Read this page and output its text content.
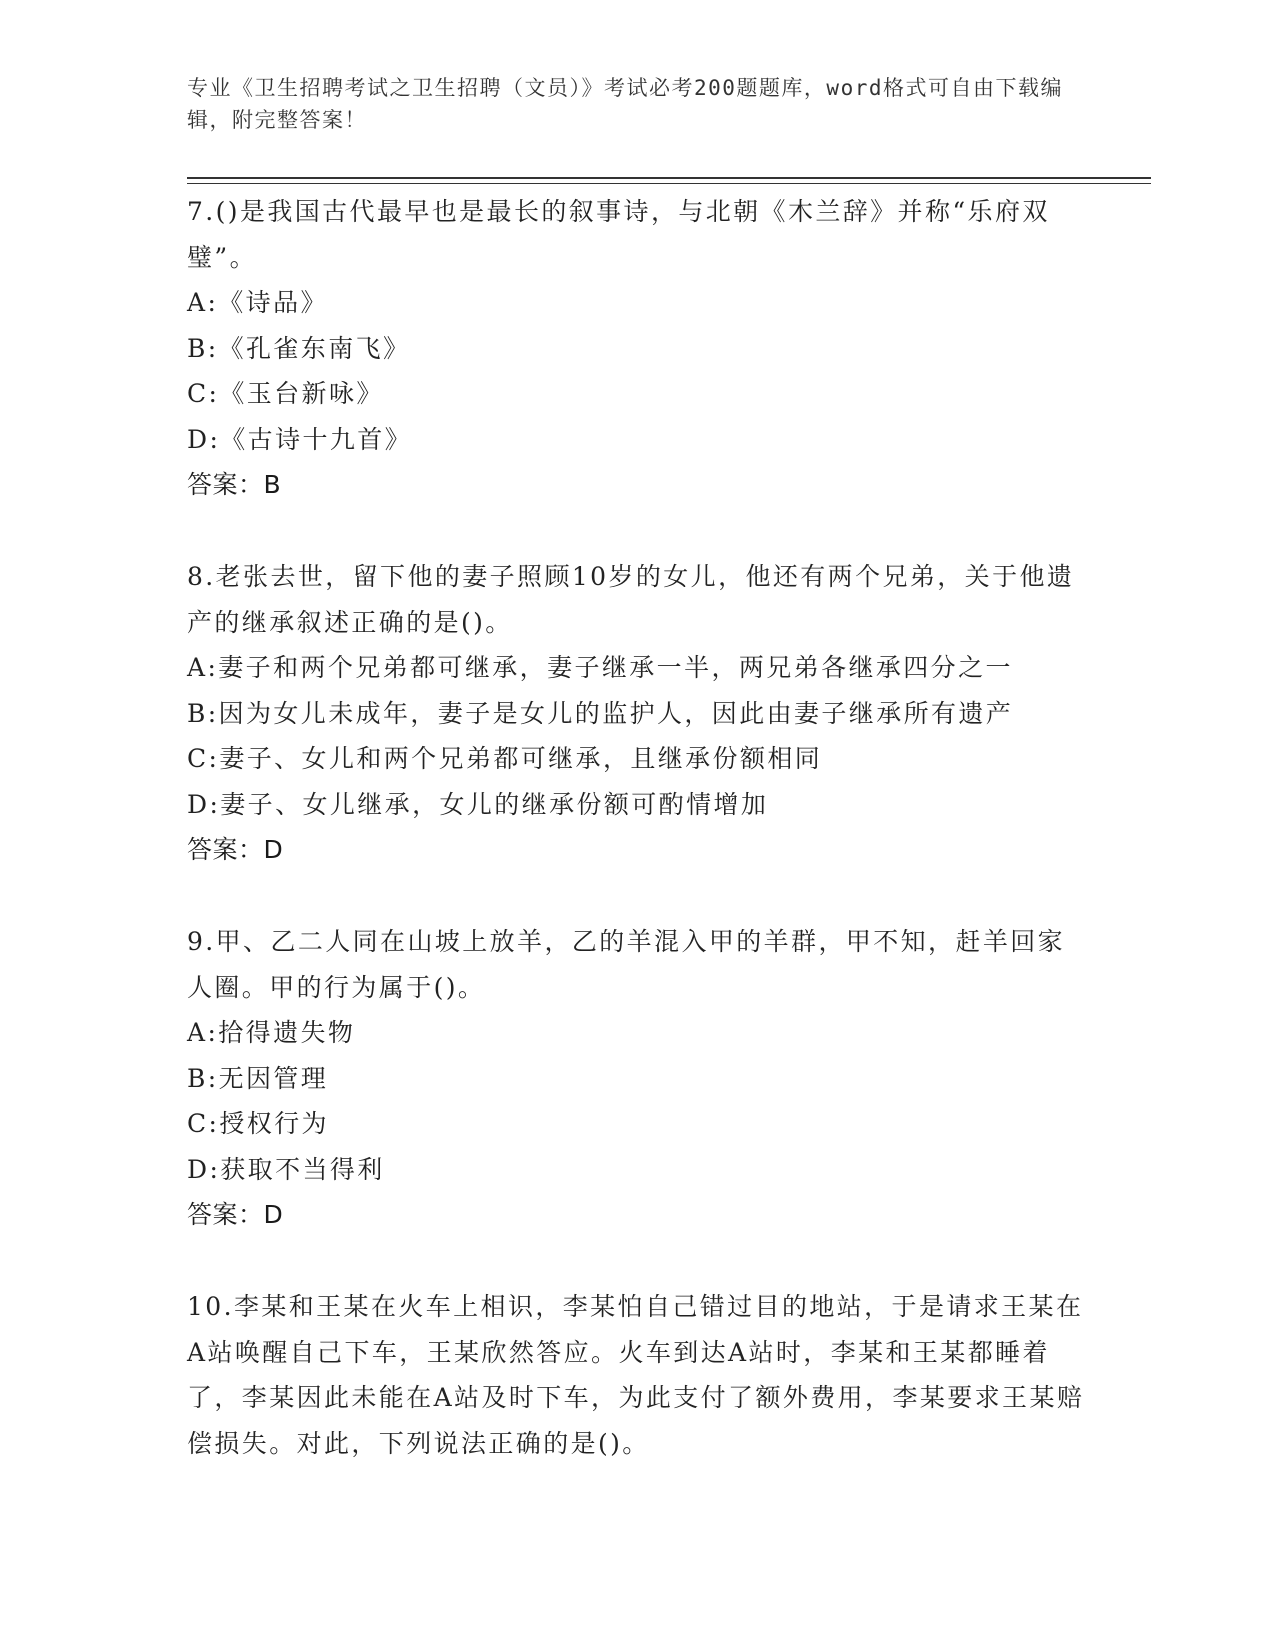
专业《卫生招聘考试之卫生招聘（文员）》考试必考200题题库，word格式可自由下载编辑，附完整答案！
7.()是我国古代最早也是最长的叙事诗，与北朝《木兰辞》并称“乐府双璧”。
A:《诗品》
B:《孔雀东南飞》
C:《玉台新咏》
D:《古诗十九首》
答案：B
8.老张去世，留下他的妻子照顾10岁的女儿，他还有两个兄弟，关于他遗产的继承叙述正确的是()。
A:妻子和两个兄弟都可继承，妻子继承一半，两兄弟各继承四分之一
B:因为女儿未成年，妻子是女儿的监护人，因此由妻子继承所有遗产
C:妻子、女儿和两个兄弟都可继承，且继承份额相同
D:妻子、女儿继承，女儿的继承份额可酌情增加
答案：D
9.甲、乙二人同在山坡上放羊，乙的羊混入甲的羊群，甲不知，赶羊回家人圈。甲的行为属于()。
A:拾得遗失物
B:无因管理
C:授权行为
D:获取不当得利
答案：D
10.李某和王某在火车上相识，李某怕自己错过目的地站，于是请求王某在A站唤醒自己下车，王某欣然答应。火车到达A站时，李某和王某都睡着了，李某因此未能在A站及时下车，为此支付了额外费用，李某要求王某赔偿损失。对此，下列说法正确的是()。
